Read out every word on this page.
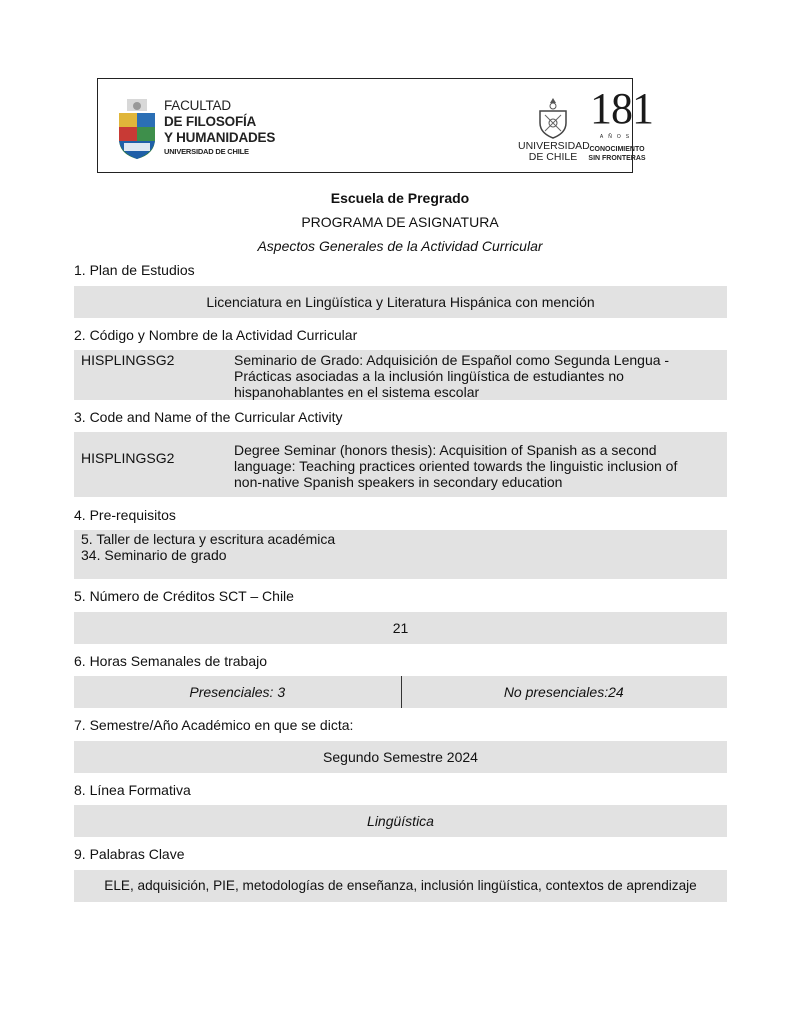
FACULTAD
DE FILOSOFÍA
Y HUMANIDADES
UNIVERSIDAD DE CHILE	UNIVERSIDAD
DE CHILE
181
AÑOS
CONOCIMIENTO
SIN FRONTERAS
Escuela de Pregrado
PROGRAMA DE ASIGNATURA
Aspectos Generales de la Actividad Curricular
1. Plan de Estudios
Licenciatura en Lingüística y Literatura Hispánica con mención
2. Código y Nombre de la Actividad Curricular
HISPLINGSG2	Seminario de Grado: Adquisición de Español como Segunda Lengua -
Prácticas asociadas a la inclusión lingüística de estudiantes no
hispanohablantes en el sistema escolar
3. Code and Name of the Curricular Activity
HISPLINGSG2	Degree Seminar (honors thesis): Acquisition of Spanish as a second
language: Teaching practices oriented towards the linguistic inclusion of
non-native Spanish speakers in secondary education
4. Pre-requisitos
5. Taller de lectura y escritura académica
34. Seminario de grado
5. Número de Créditos SCT – Chile
21
6. Horas Semanales de trabajo
Presenciales: 3	No presenciales:24
7. Semestre/Año Académico en que se dicta:
Segundo Semestre 2024
8. Línea Formativa
Lingüística
9. Palabras Clave
ELE, adquisición, PIE, metodologías de enseñanza, inclusión lingüística, contextos de aprendizaje
